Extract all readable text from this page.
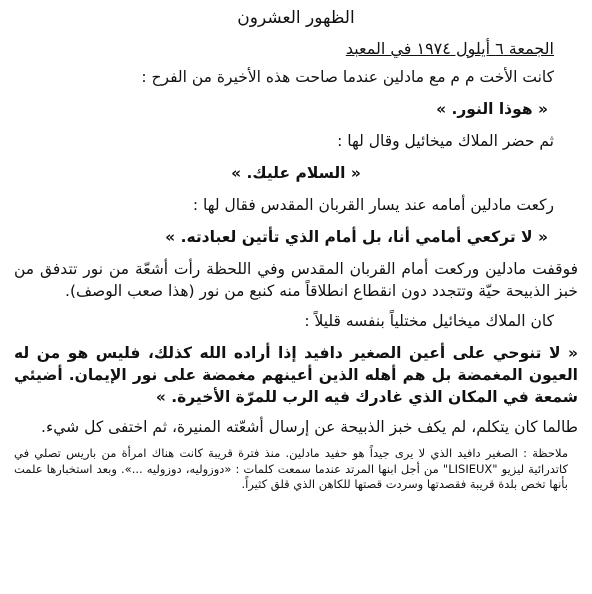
الظهور العشرون
الجمعة ٦ أيلول ١٩٧٤ في المعبد

كانت الأخت م م مع مادلين عندما صاحت هذه الأخيرة من الفرح :

« هوذا النور. »

ثم حضر الملاك ميخائيل وقال لها :

« السلام عليك. »

ركعت مادلين أمامه عند يسار القربان المقدس فقال لها :

« لا تركعي أمامي أنا، بل أمام الذي تأتين لعبادته. »

فوقفت مادلين وركعت أمام القربان المقدس وفي اللحظة رأت أشعّة من نور تتدفق من خبز الذبيحة حيّة وتتجدد دون انقطاع انطلاقاً منه كنبع من نور (هذا صعب الوصف).

كان الملاك ميخائيل مختلياً بنفسه قليلاً :

« لا تنوحي على أعين الصغير دافيد إذا أراده الله كذلك، فليس هو من له العيون المغمضة بل هم أهله الذين أعينهم مغمضة على نور الإيمان. أضيئي شمعة في المكان الذي غادرك فيه الرب للمرّة الأخيرة. »

طالما كان يتكلم، لم يكف خبز الذبيحة عن إرسال أشعّته المنيرة، ثم اختفى كل شيء.

ملاحظة : الصغير دافيد الذي لا يرى جيداً هو حفيد مادلين. منذ فترة قريبة كانت هناك امرأة من باريس تصلي في كاتدرائية ليزيو "LISIEUX" من أجل ابنها المرتد عندما سمعت كلمات : «دوزوليه، دوزوليه ...». وبعد استخبارها علمت بأنها تخص بلدة قريبة فقصدتها وسردت قصتها للكاهن الذي قلق كثيراً.
